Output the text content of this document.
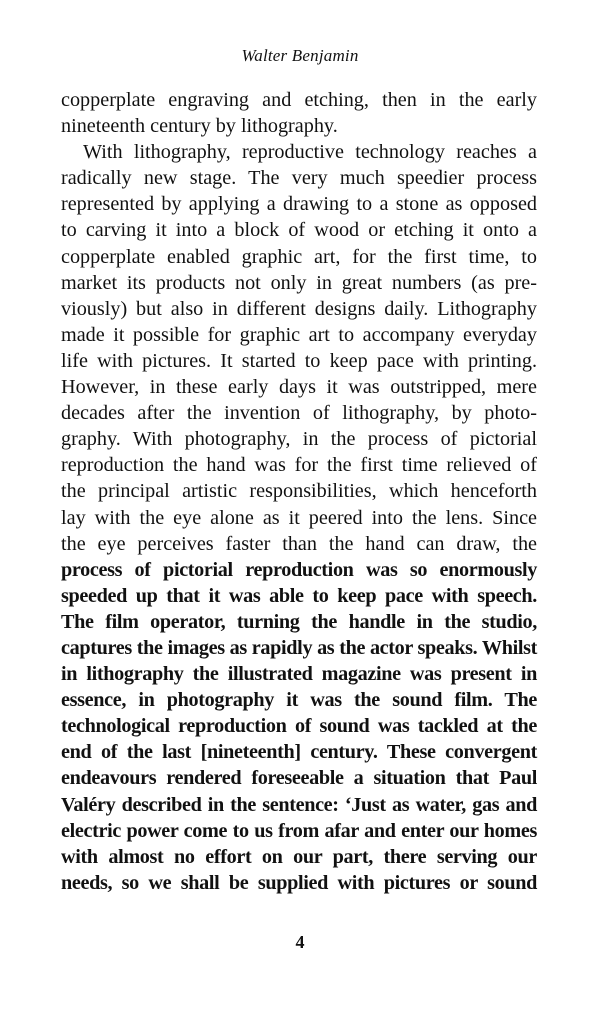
Walter Benjamin
copperplate engraving and etching, then in the early
nineteenth century by lithography.
With lithography, reproductive technology reaches a
radically new stage. The very much speedier process
represented by applying a drawing to a stone as opposed
to carving it into a block of wood or etching it onto a
copperplate enabled graphic art, for the first time, to
market its products not only in great numbers (as pre-
viously) but also in different designs daily. Lithography
made it possible for graphic art to accompany everyday
life with pictures. It started to keep pace with printing.
However, in these early days it was outstripped, mere
decades after the invention of lithography, by photo-
graphy. With photography, in the process of pictorial
reproduction the hand was for the first time relieved of
the principal artistic responsibilities, which henceforth
lay with the eye alone as it peered into the lens. Since
the eye perceives faster than the hand can draw, the
process of pictorial reproduction was so enormously
speeded up that it was able to keep pace with speech.
The film operator, turning the handle in the studio,
captures the images as rapidly as the actor speaks. Whilst
in lithography the illustrated magazine was present in
essence, in photography it was the sound film. The
technological reproduction of sound was tackled at the
end of the last [nineteenth] century. These convergent
endeavours rendered foreseeable a situation that Paul
Valéry described in the sentence: ‘Just as water, gas and
electric power come to us from afar and enter our homes
with almost no effort on our part, there serving our
needs, so we shall be supplied with pictures or sound
4
